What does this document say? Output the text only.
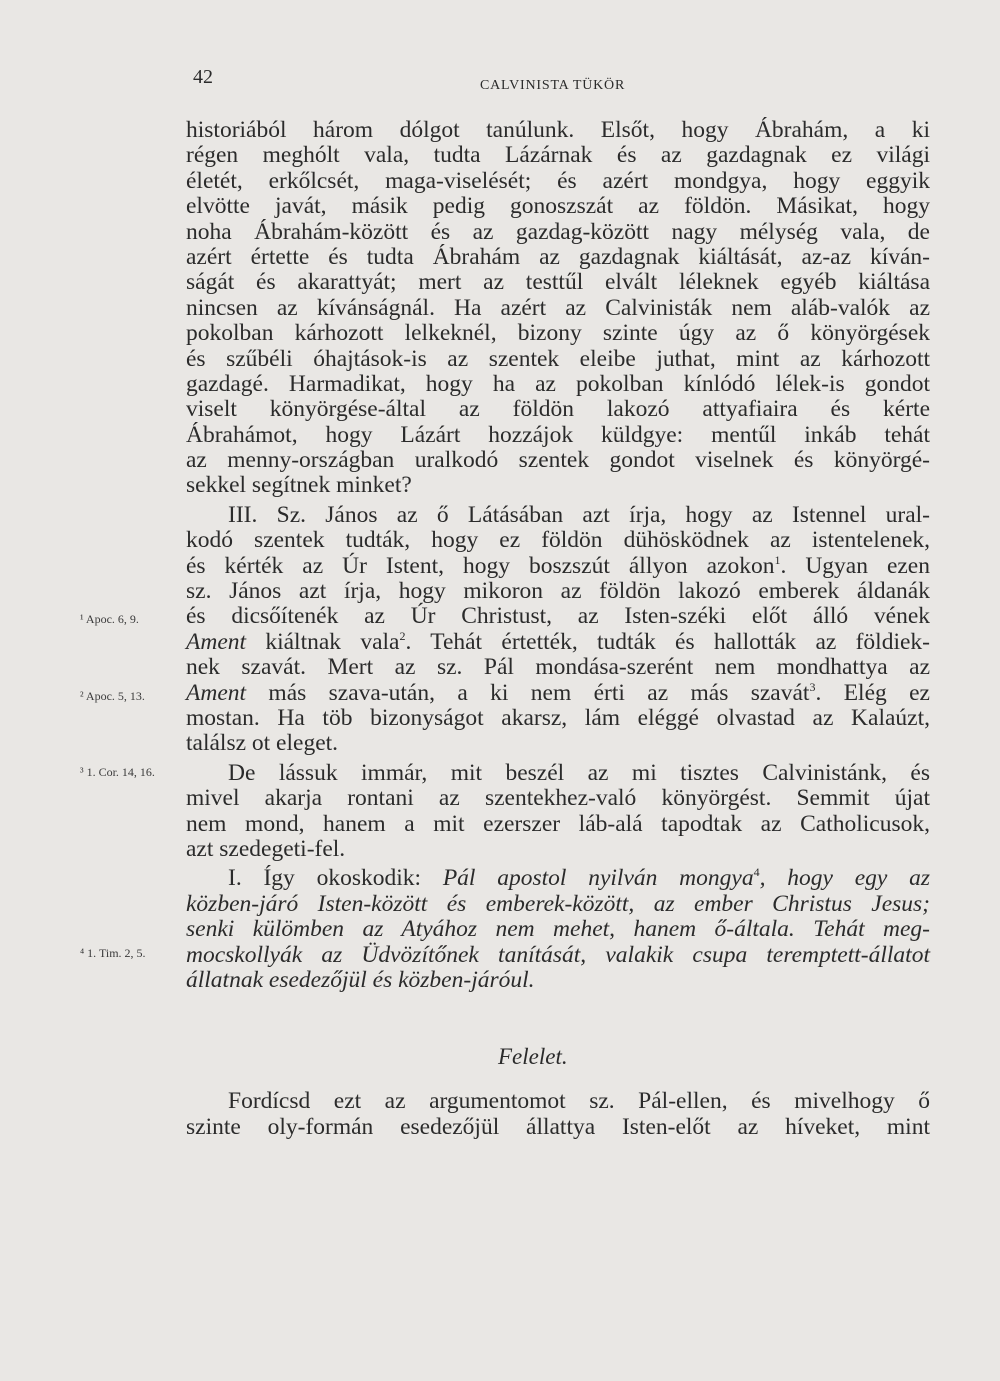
42	CALVINISTA TÜKÖR
¹ Apoc. 6, 9.
² Apoc. 5, 13.
³ 1. Cor. 14, 16.
⁴ 1. Tim. 2, 5.
historiából három dólgot tanúlunk. Elsőt, hogy Ábrahám, a ki
régen meghólt vala, tudta Lázárnak és az gazdagnak ez világi
életét, erkőlcsét, maga-viselését; és azért mondgya, hogy eggyik
elvötte javát, másik pedig gonoszszát az földön. Másikat, hogy
noha Ábrahám-között és az gazdag-között nagy mélység vala, de
azért értette és tudta Ábrahám az gazdagnak kiáltását, az-az kíván-
ságát és akarattyát; mert az testtűl elvált léleknek egyéb kiáltása
nincsen az kívánságnál. Ha azért az Calvinisták nem aláb-valók az
pokolban kárhozott lelkeknél, bizony szinte úgy az ő könyörgések
és szűbéli óhajtások-is az szentek eleibe juthat, mint az kárhozott
gazdagé. Harmadikat, hogy ha az pokolban kínlódó lélek-is gondot
viselt könyörgése-által az földön lakozó attyafiaira és kérte
Ábrahámot, hogy Lázárt hozzájok küldgye: mentűl inkáb tehát
az menny-országban uralkodó szentek gondot viselnek és könyörgé-
sekkel segítnek minket?
III. Sz. János az ő Látásában azt írja, hogy az Istennel ural-
kodó szentek tudták, hogy ez földön dühösködnek az istentelenek,
és kérték az Úr Istent, hogy boszszút állyon azokon$^1$. Ugyan ezen
sz. János azt írja, hogy mikoron az földön lakozó emberek áldanák
és dicsőítenék az Úr Christust, az Isten-széki előt álló vének
Ament kiáltnak vala$^2$. Tehát értették, tudták és hallották az földiek-
nek szavát. Mert az sz. Pál mondása-szerént nem mondhattya az
Ament más szava-után, a ki nem érti az más szavát$^3$. Elég ez
mostan. Ha töb bizonyságot akarsz, lám eléggé olvastad az Kalaúzt,
találsz ot eleget.
De lássuk immár, mit beszél az mi tisztes Calvinistánk, és
mivel akarja rontani az szentekhez-való könyörgést. Semmit újat
nem mond, hanem a mit ezerszer láb-alá tapodtak az Catholicusok,
azt szedegeti-fel.
I. Így okoskodik: Pál apostol nyilván mongya$^4$, hogy egy az
közben-járó Isten-között és emberek-között, az ember Christus Jesus;
senki külömben az Atyához nem mehet, hanem ő-általa. Tehát meg-
mocskollyák az Üdvözítőnek tanítását, valakik csupa teremptett-állatot
állatnak esedezőjül és közben-járóul.
Felelet.
Fordícsd ezt az argumentomot sz. Pál-ellen, és mivelhogy ő
szinte oly-formán esedezőjül állattya Isten-előt az híveket, mint
